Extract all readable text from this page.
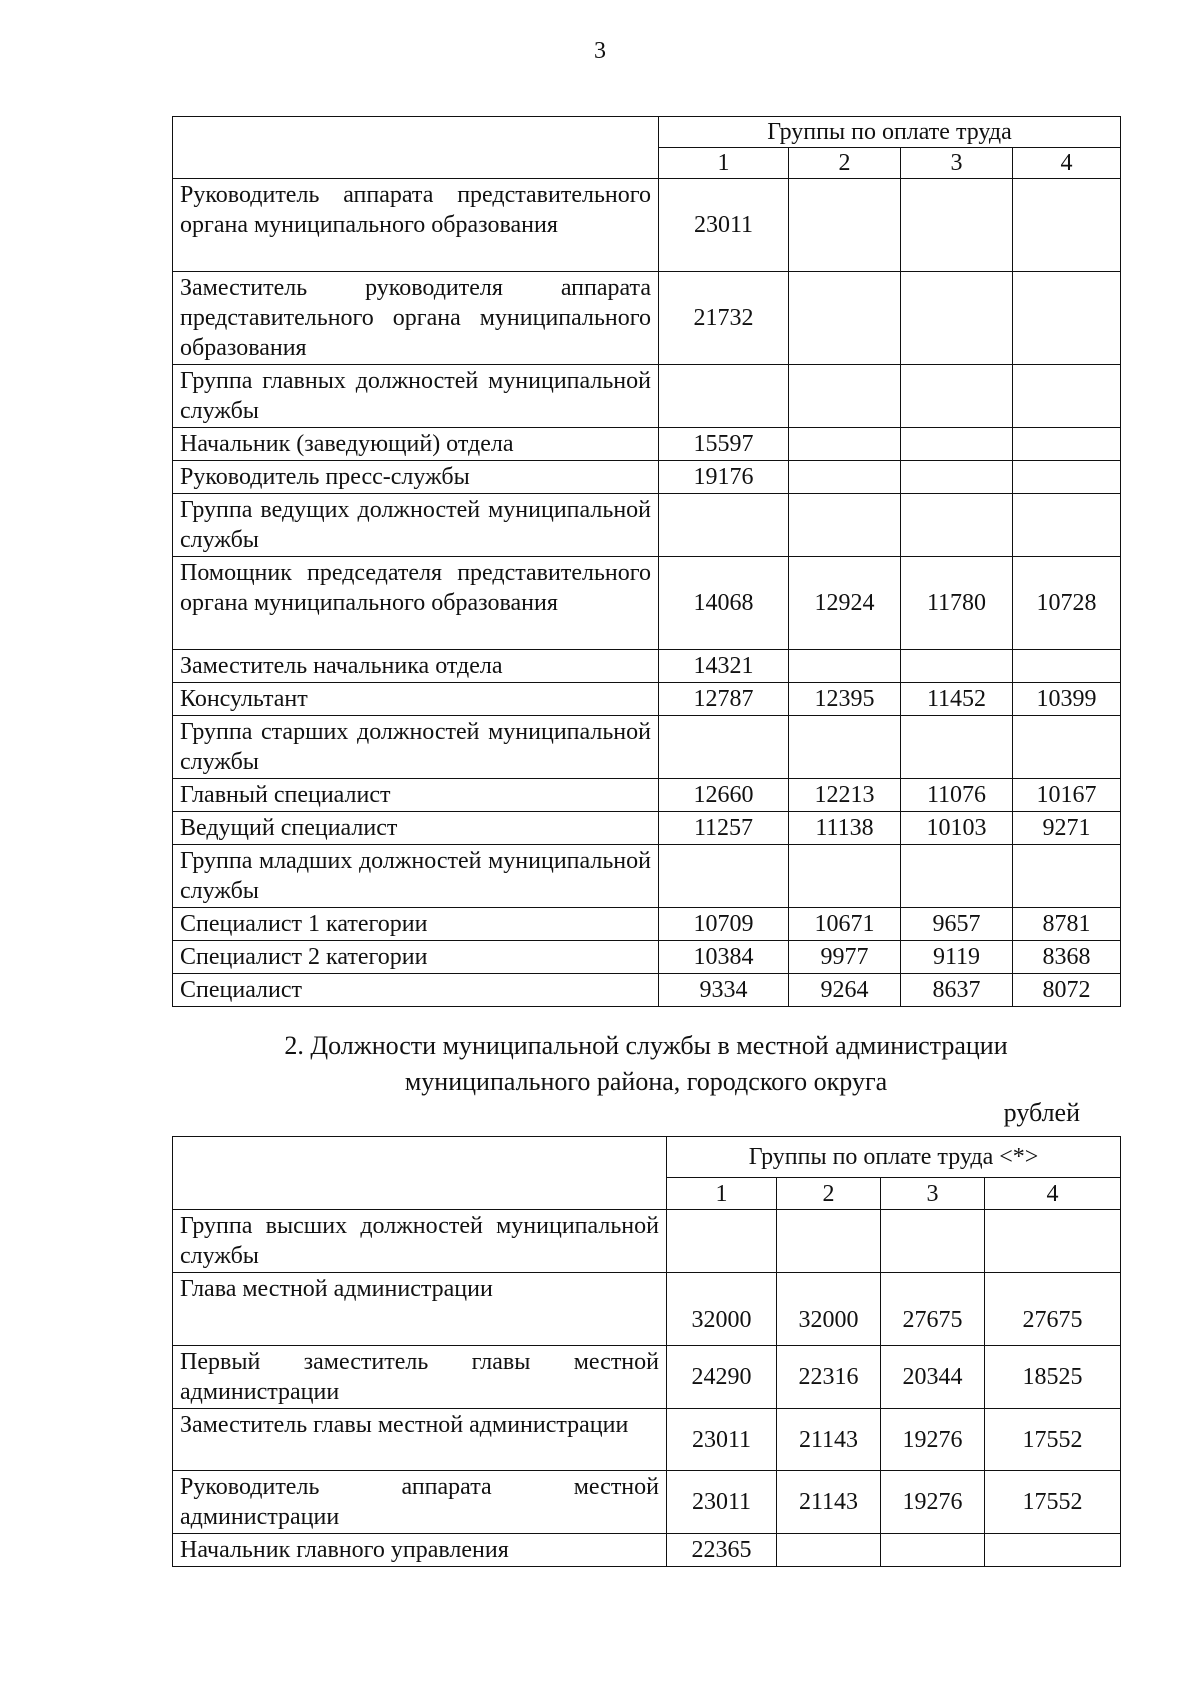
3
	Группы по оплате труда			
	1	2	3	4
Руководитель аппарата представительного органа муниципального образования	23011			
Заместитель руководителя аппарата представительного органа муниципального образования	21732			
Группа главных должностей муниципальной службы				
Начальник (заведующий) отдела	15597			
Руководитель пресс-службы	19176			
Группа ведущих должностей муниципальной службы				
Помощник председателя представительного органа муниципального образования	14068	12924	11780	10728
Заместитель начальника отдела	14321			
Консультант	12787	12395	11452	10399
Группа старших должностей муниципальной службы				
Главный специалист	12660	12213	11076	10167
Ведущий специалист	11257	11138	10103	9271
Группа младших должностей муниципальной службы				
Специалист 1 категории	10709	10671	9657	8781
Специалист 2 категории	10384	9977	9119	8368
Специалист	9334	9264	8637	8072
2. Должности муниципальной службы в местной администрации
муниципального района, городского округа
рублей
	Группы по оплате труда <*>			
	1	2	3	4
Группа высших должностей муниципальной службы				
Глава местной администрации	32000	32000	27675	27675
Первый заместитель главы местной администрации	24290	22316	20344	18525
Заместитель главы местной администрации	23011	21143	19276	17552
Руководитель аппарата местной администрации	23011	21143	19276	17552
Начальник главного управления	22365			
